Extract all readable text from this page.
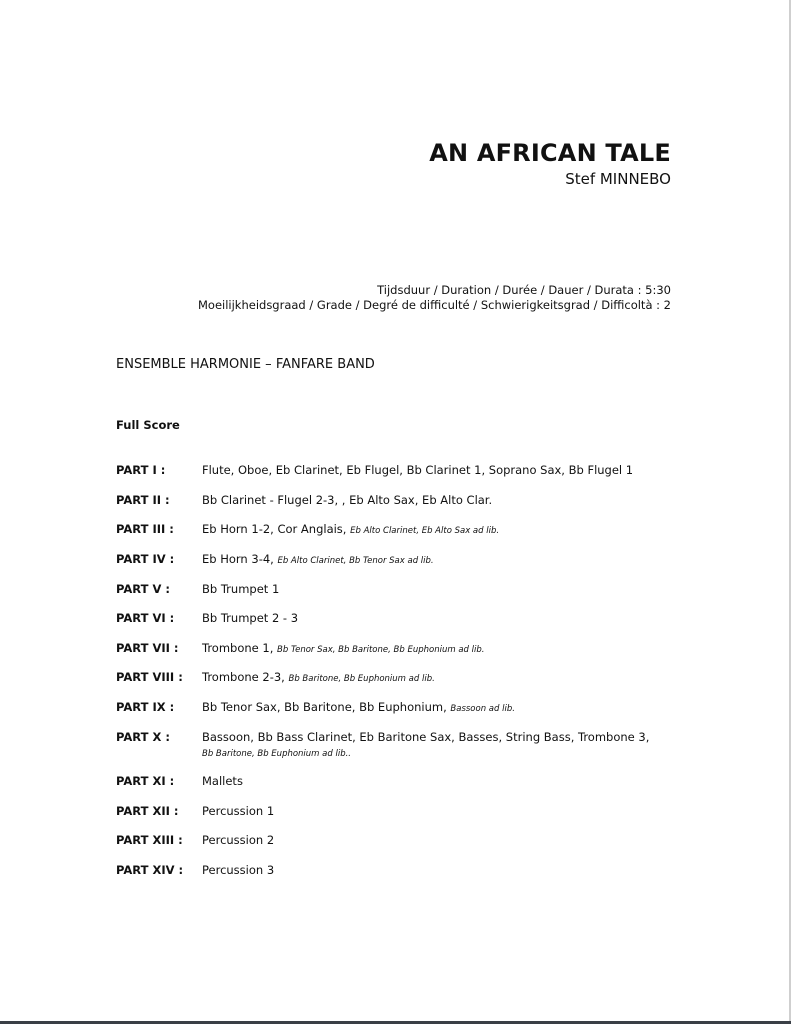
AN AFRICAN TALE
Stef MINNEBO
Tijdsduur / Duration / Durée / Dauer / Durata : 5:30
Moeilijkheidsgraad / Grade / Degré de difficulté / Schwierigkeitsgrad / Difficoltà : 2
ENSEMBLE HARMONIE – FANFARE BAND
Full Score
PART I :	Flute, Oboe, Eb Clarinet, Eb Flugel, Bb Clarinet 1, Soprano Sax, Bb Flugel 1
PART II :	Bb Clarinet - Flugel 2-3, , Eb Alto Sax, Eb Alto Clar.
PART III : Eb Horn 1-2, Cor Anglais, Eb Alto Clarinet, Eb Alto Sax ad lib.
PART IV : Eb Horn 3-4, Eb Alto Clarinet, Bb Tenor Sax ad lib.
PART V :	Bb Trumpet 1
PART VI : Bb Trumpet 2 - 3
PART VII : Trombone 1, Bb Tenor Sax, Bb Baritone, Bb Euphonium ad lib.
PART VIII : Trombone 2-3, Bb Baritone, Bb Euphonium ad lib.
PART IX : Bb Tenor Sax, Bb Baritone, Bb Euphonium, Bassoon ad lib.
PART X :	Bassoon, Bb Bass Clarinet, Eb Baritone Sax, Basses, String Bass, Trombone 3, Bb Baritone, Bb Euphonium ad lib..
PART XI : Mallets
PART XII : Percussion 1
PART XIII : Percussion 2
PART XIV : Percussion 3
